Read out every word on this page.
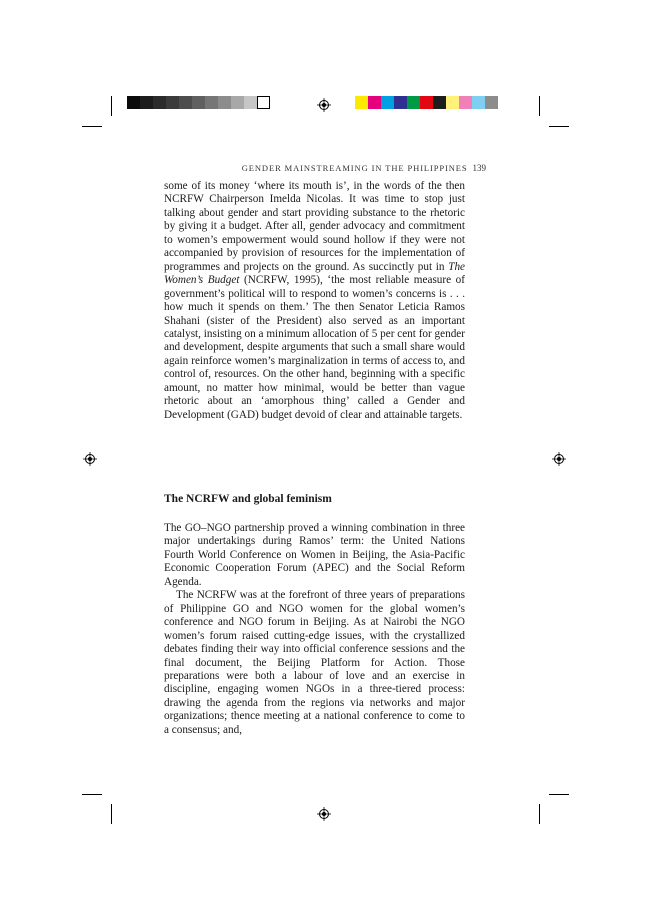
GENDER MAINSTREAMING IN THE PHILIPPINES 139

some of its money ‘where its mouth is’, in the words of the then NCRFW Chairperson Imelda Nicolas. It was time to stop just talking about gender and start providing substance to the rhetoric by giving it a budget. After all, gender advocacy and commitment to women’s empowerment would sound hollow if they were not accompanied by provision of resources for the implementation of programmes and projects on the ground. As succinctly put in The Women’s Budget (NCRFW, 1995), ‘the most reliable measure of government’s political will to respond to women’s concerns is . . . how much it spends on them.’ The then Senator Leticia Ramos Shahani (sister of the President) also served as an important catalyst, insisting on a minimum allocation of 5 per cent for gender and development, despite arguments that such a small share would again reinforce women’s marginalization in terms of access to, and control of, resources. On the other hand, beginning with a specific amount, no matter how minimal, would be better than vague rhetoric about an ‘amorphous thing’ called a Gender and Development (GAD) budget devoid of clear and attainable targets.

The NCRFW and global feminism

The GO–NGO partnership proved a winning combination in three major undertakings during Ramos’ term: the United Nations Fourth World Conference on Women in Beijing, the Asia-Pacific Economic Cooperation Forum (APEC) and the Social Reform Agenda.

The NCRFW was at the forefront of three years of preparations of Philippine GO and NGO women for the global women’s conference and NGO forum in Beijing. As at Nairobi the NGO women’s forum raised cutting-edge issues, with the crystallized debates finding their way into official conference sessions and the final document, the Beijing Platform for Action. Those preparations were both a labour of love and an exercise in discipline, engaging women NGOs in a three-tiered process: drawing the agenda from the regions via networks and major organizations; thence meeting at a national conference to come to a consensus; and,
